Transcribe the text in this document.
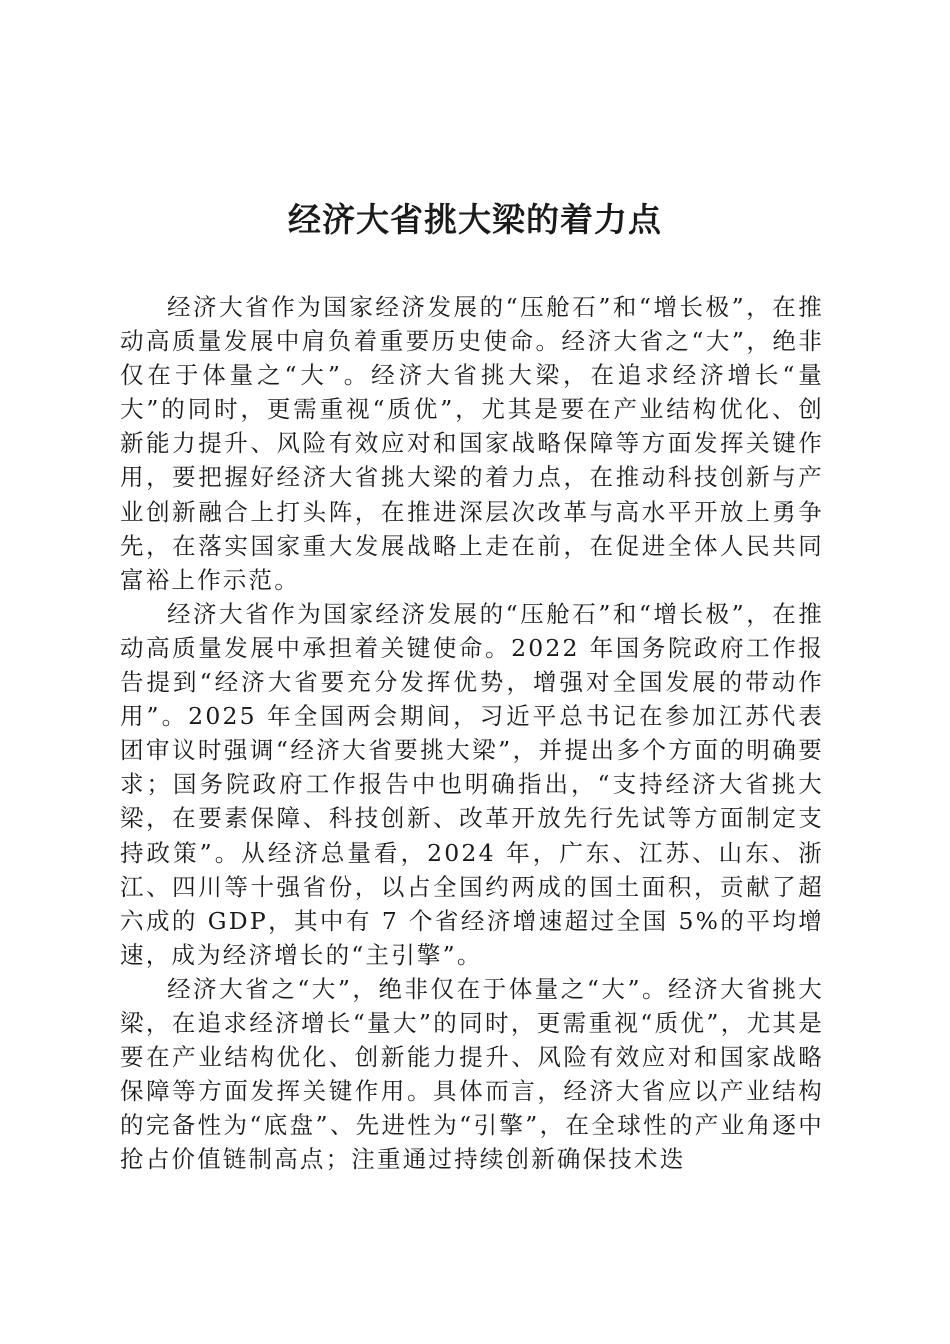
经济大省挑大梁的着力点

经济大省作为国家经济发展的“压舱石”和“增长极”，在推动高质量发展中肩负着重要历史使命。经济大省之“大”，绝非仅在于体量之“大”。经济大省挑大梁，在追求经济增长“量大”的同时，更需重视“质优”，尤其是要在产业结构优化、创新能力提升、风险有效应对和国家战略保障等方面发挥关键作用，要把握好经济大省挑大梁的着力点，在推动科技创新与产业创新融合上打头阵，在推进深层次改革与高水平开放上勇争先，在落实国家重大发展战略上走在前，在促进全体人民共同富裕上作示范。

经济大省作为国家经济发展的“压舱石”和“增长极”，在推动高质量发展中承担着关键使命。2022 年国务院政府工作报告提到“经济大省要充分发挥优势，增强对全国发展的带动作用”。2025 年全国两会期间，习近平总书记在参加江苏代表团审议时强调“经济大省要挑大梁”，并提出多个方面的明确要求；国务院政府工作报告中也明确指出，“支持经济大省挑大梁，在要素保障、科技创新、改革开放先行先试等方面制定支持政策”。从经济总量看，2024 年，广东、江苏、山东、浙江、四川等十强省份，以占全国约两成的国土面积，贡献了超六成的 GDP，其中有 7 个省经济增速超过全国 5%的平均增速，成为经济增长的“主引擎”。

经济大省之“大”，绝非仅在于体量之“大”。经济大省挑大梁，在追求经济增长“量大”的同时，更需重视“质优”，尤其是要在产业结构优化、创新能力提升、风险有效应对和国家战略保障等方面发挥关键作用。具体而言，经济大省应以产业结构的完备性为“底盘”、先进性为“引擎”，在全球性的产业角逐中抢占价值链制高点；注重通过持续创新确保技术迭
